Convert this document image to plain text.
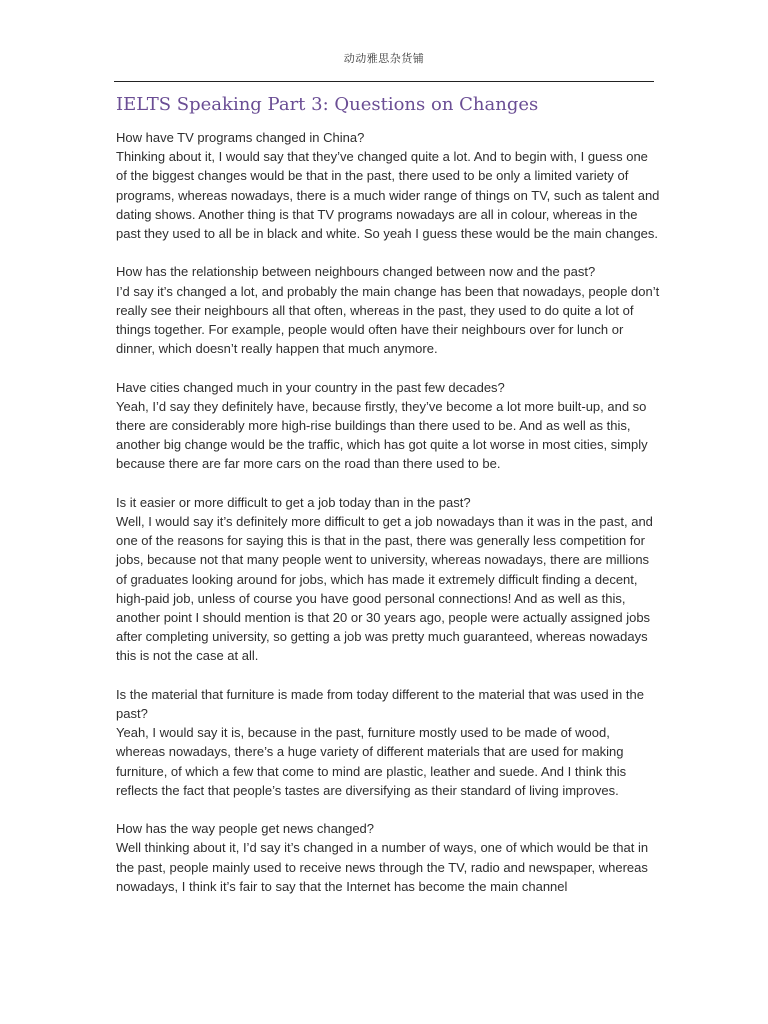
动动雅思杂货铺
IELTS Speaking Part 3: Questions on Changes

How have TV programs changed in China?

Thinking about it, I would say that they’ve changed quite a lot. And to begin with, I guess one of the biggest changes would be that in the past, there used to be only a limited variety of programs, whereas nowadays, there is a much wider range of things on TV, such as talent and dating shows. Another thing is that TV programs nowadays are all in colour, whereas in the past they used to all be in black and white. So yeah I guess these would be the main changes.

How has the relationship between neighbours changed between now and the past?

I’d say it’s changed a lot, and probably the main change has been that nowadays, people don’t really see their neighbours all that often, whereas in the past, they used to do quite a lot of things together. For example, people would often have their neighbours over for lunch or dinner, which doesn’t really happen that much anymore.

Have cities changed much in your country in the past few decades?

Yeah, I’d say they definitely have, because firstly, they’ve become a lot more built-up, and so there are considerably more high-rise buildings than there used to be. And as well as this, another big change would be the traffic, which has got quite a lot worse in most cities, simply because there are far more cars on the road than there used to be.

Is it easier or more difficult to get a job today than in the past?

Well, I would say it’s definitely more difficult to get a job nowadays than it was in the past, and one of the reasons for saying this is that in the past, there was generally less competition for jobs, because not that many people went to university, whereas nowadays, there are millions of graduates looking around for jobs, which has made it extremely difficult finding a decent, high-paid job, unless of course you have good personal connections! And as well as this, another point I should mention is that 20 or 30 years ago, people were actually assigned jobs after completing university, so getting a job was pretty much guaranteed, whereas nowadays this is not the case at all.

Is the material that furniture is made from today different to the material that was used in the past?

Yeah, I would say it is, because in the past, furniture mostly used to be made of wood, whereas nowadays, there’s a huge variety of different materials that are used for making furniture, of which a few that come to mind are plastic, leather and suede. And I think this reflects the fact that people’s tastes are diversifying as their standard of living improves.

How has the way people get news changed?

Well thinking about it, I’d say it’s changed in a number of ways, one of which would be that in the past, people mainly used to receive news through the TV, radio and newspaper, whereas nowadays, I think it’s fair to say that the Internet has become the main channel
